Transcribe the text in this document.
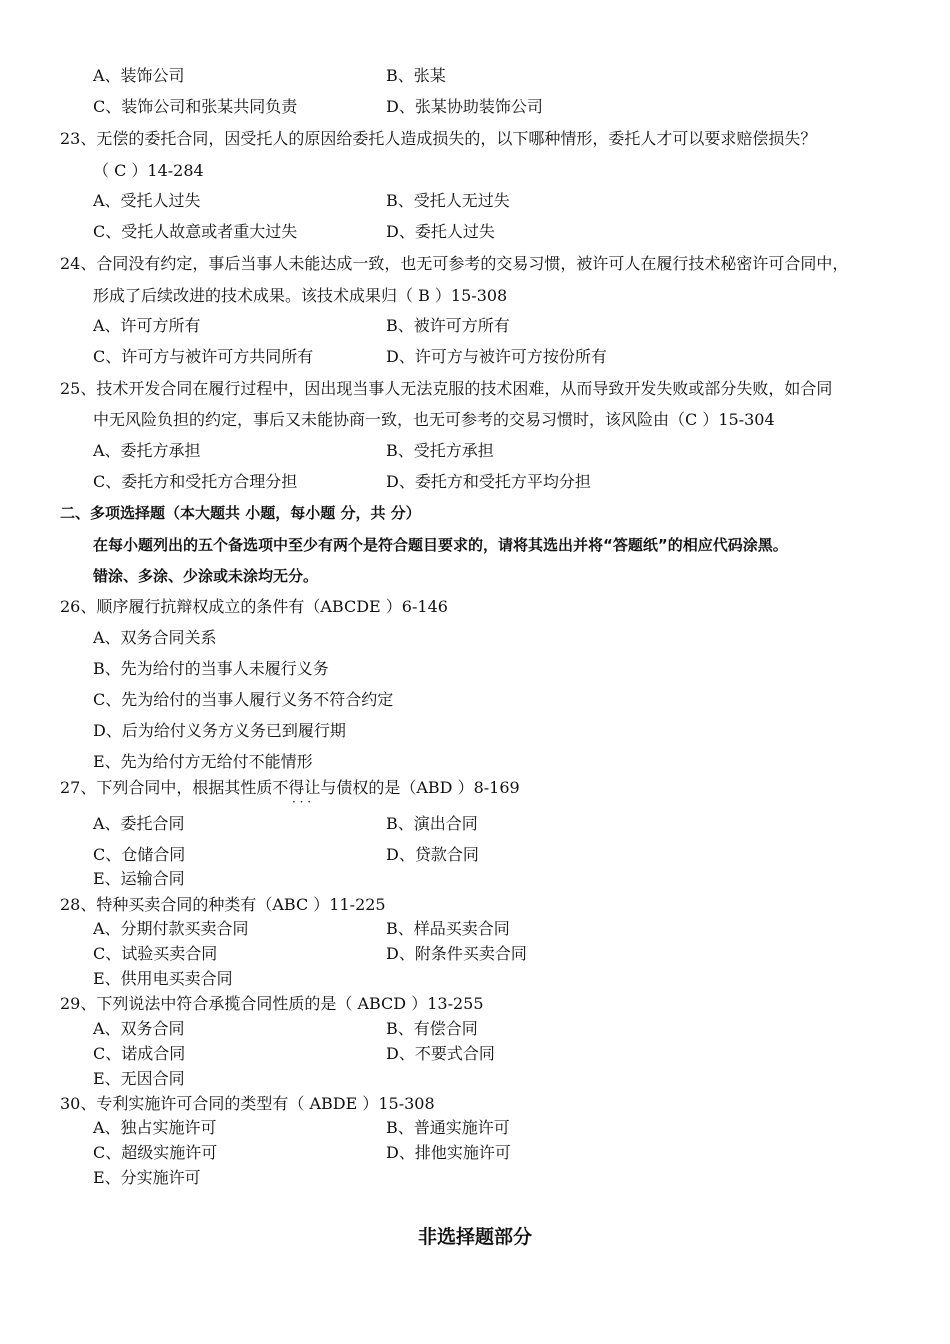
A、装饰公司	B、张某
C、装饰公司和张某共同负责	D、张某协助装饰公司
23、无偿的委托合同，因受托人的原因给委托人造成损失的，以下哪种情形，委托人才可以要求赔偿损失？
（ C ）14-284
A、受托人过失	B、受托人无过失
C、受托人故意或者重大过失	D、委托人过失
24、合同没有约定，事后当事人未能达成一致，也无可参考的交易习惯，被许可人在履行技术秘密许可合同中，
形成了后续改进的技术成果。该技术成果归（ B ）15-308
A、许可方所有	B、被许可方所有
C、许可方与被许可方共同所有	D、许可方与被许可方按份所有
25、技术开发合同在履行过程中，因出现当事人无法克服的技术困难，从而导致开发失败或部分失败，如合同
中无风险负担的约定，事后又未能协商一致，也无可参考的交易习惯时，该风险由（C ）15-304
A、委托方承担	B、受托方承担
C、委托方和受托方合理分担	D、委托方和受托方平均分担
二、多项选择题（本大题共 小题，每小题 分，共 分）
在每小题列出的五个备选项中至少有两个是符合题目要求的，请将其选出并将“答题纸”的相应代码涂黑。
错涂、多涂、少涂或未涂均无分。
26、顺序履行抗辩权成立的条件有（ABCDE ）6-146
A、双务合同关系
B、先为给付的当事人未履行义务
C、先为给付的当事人履行义务不符合约定
D、后为给付义务方义务已到履行期
E、先为给付方无给付不能情形
27、下列合同中，根据其性质不得让与债权的是（ABD ）8-169
· · ·
A、委托合同	B、演出合同
C、仓储合同	D、贷款合同
E、运输合同
28、特种买卖合同的种类有（ABC ）11-225
A、分期付款买卖合同	B、样品买卖合同
C、试验买卖合同	D、附条件买卖合同
E、供用电买卖合同
29、下列说法中符合承揽合同性质的是（ ABCD ）13-255
A、双务合同	B、有偿合同
C、诺成合同	D、不要式合同
E、无因合同
30、专利实施许可合同的类型有（ ABDE ）15-308
A、独占实施许可	B、普通实施许可
C、超级实施许可	D、排他实施许可
E、分实施许可
非选择题部分
